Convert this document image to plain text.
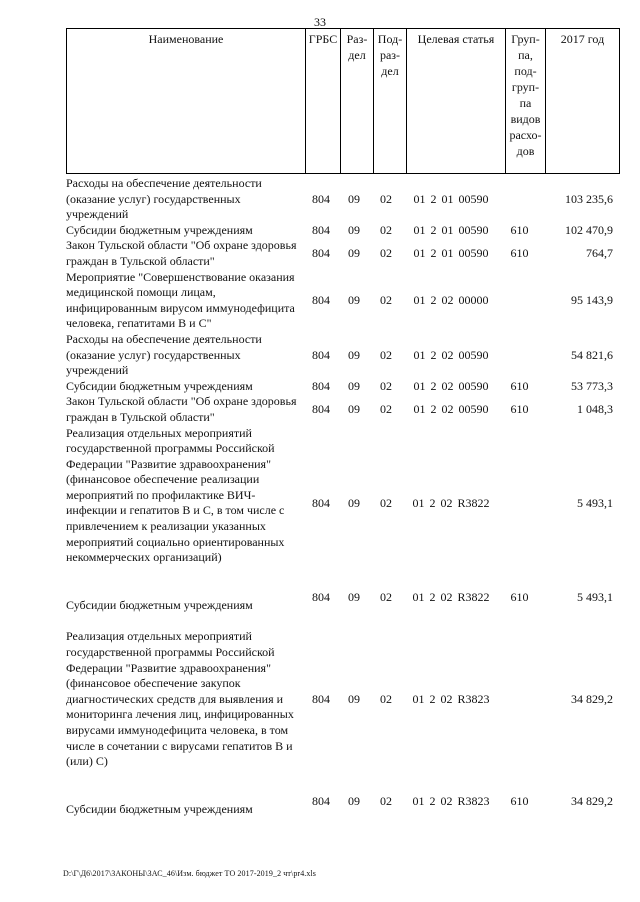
33
Наименование	ГРБС	Раз-дел	Под-раз-дел	Целевая статья	Груп-па, под-груп-па видов расхо-дов	2017 год
Расходы на обеспечение деятельности (оказание услуг) государственных учреждений	804	09	02	01 2 01 00590		103 235,6
Субсидии бюджетным учреждениям	804	09	02	01 2 01 00590	610	102 470,9
Закон Тульской области "Об охране здоровья граждан в Тульской области"	804	09	02	01 2 01 00590	610	764,7
Мероприятие "Совершенствование оказания медицинской помощи лицам, инфицированным вирусом иммунодефицита человека, гепатитами В и С"	804	09	02	01 2 02 00000		95 143,9
Расходы на обеспечение деятельности (оказание услуг) государственных учреждений	804	09	02	01 2 02 00590		54 821,6
Субсидии бюджетным учреждениям	804	09	02	01 2 02 00590	610	53 773,3
Закон Тульской области "Об охране здоровья граждан в Тульской области"	804	09	02	01 2 02 00590	610	1 048,3
Реализация отдельных мероприятий государственной программы Российской Федерации "Развитие здравоохранения" (финансовое обеспечение реализации мероприятий по профилактике ВИЧ-инфекции и гепатитов В и С, в том числе с привлечением к реализации указанных мероприятий социально ориентированных некоммерческих организаций)	804	09	02	01 2 02 R3822		5 493,1

Субсидии бюджетным учреждениям	804	09	02	01 2 02 R3822	610	5 493,1

Реализация отдельных мероприятий государственной программы Российской Федерации "Развитие здравоохранения" (финансовое обеспечение закупок диагностических средств для выявления и мониторинга лечения лиц, инфицированных вирусами иммунодефицита человека, в том числе в сочетании с вирусами гепатитов В и (или) С)	804	09	02	01 2 02 R3823		34 829,2

Субсидии бюджетным учреждениям	804	09	02	01 2 02 R3823	610	34 829,2
D:\Г\Д6\2017\ЗАКОНЫ\ЗАС_46\Изм. бюджет ТО 2017-2019_2 чт\pr4.xls
